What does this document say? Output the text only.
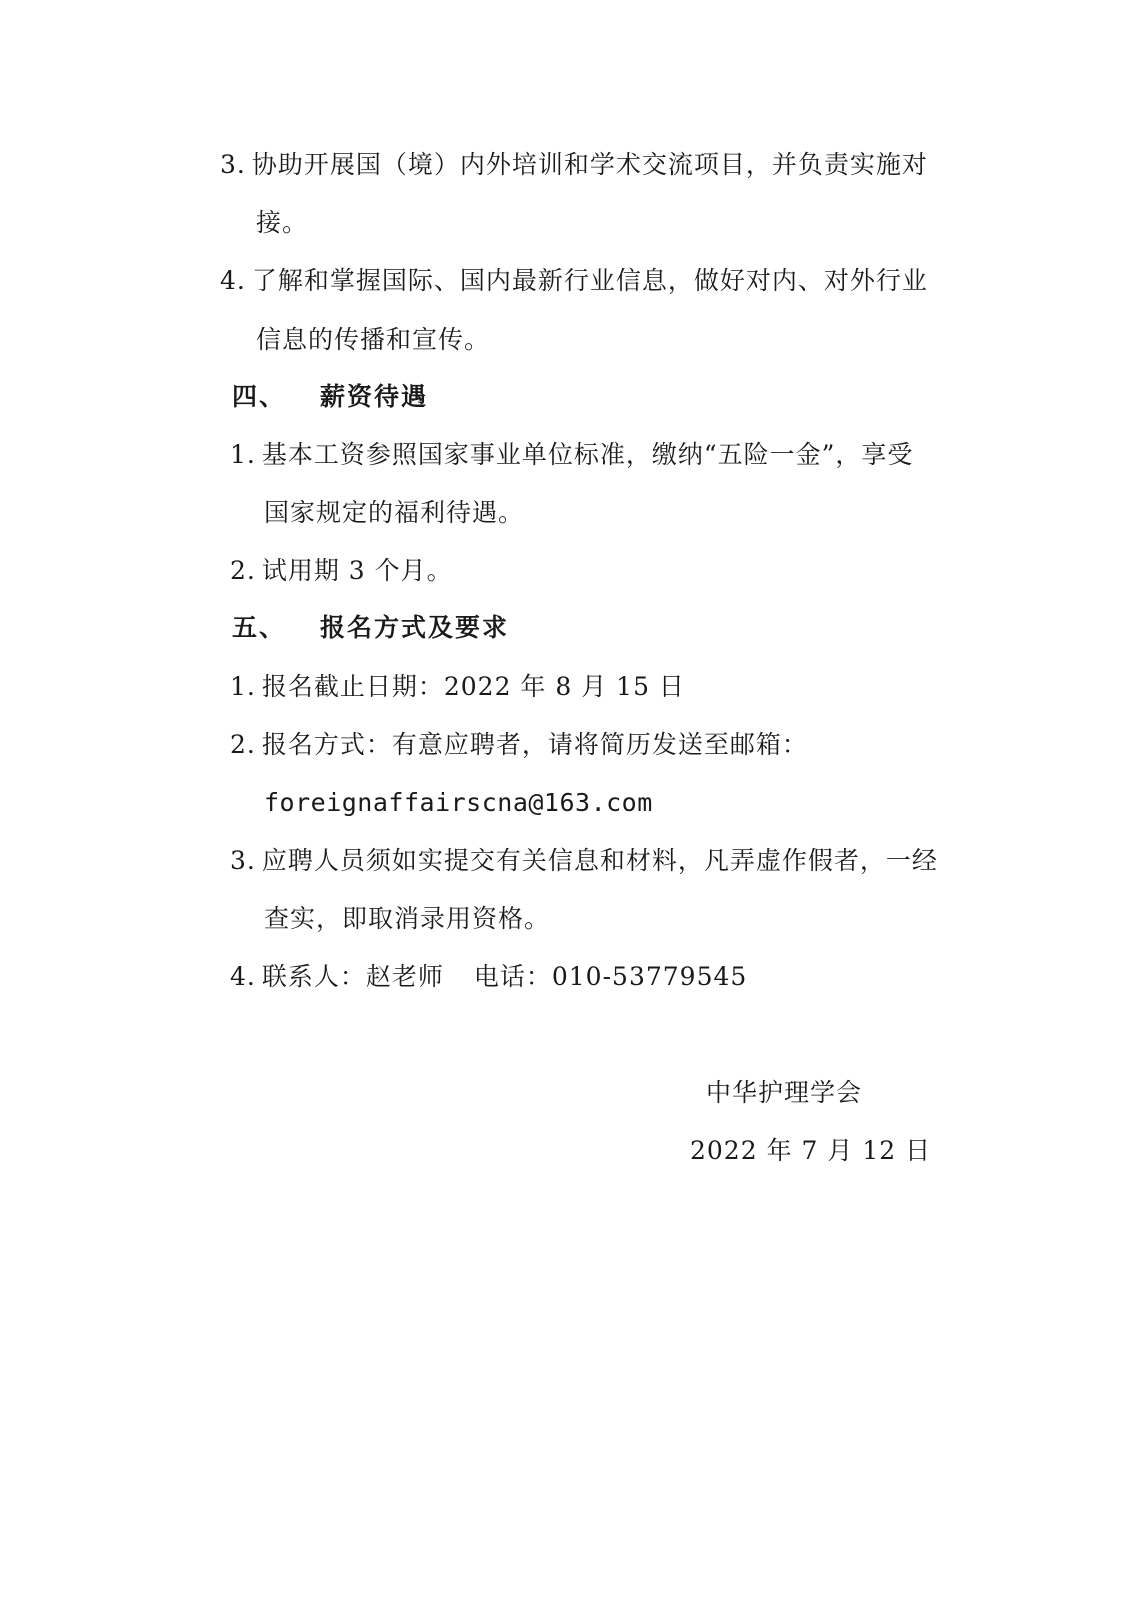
3. 协助开展国（境）内外培训和学术交流项目，并负责实施对
接。
4. 了解和掌握国际、国内最新行业信息，做好对内、对外行业
信息的传播和宣传。
四、 薪资待遇
1. 基本工资参照国家事业单位标准，缴纳“五险一金”，享受
国家规定的福利待遇。
2. 试用期 3 个月。
五、 报名方式及要求
1. 报名截止日期：2022 年 8 月 15 日
2. 报名方式：有意应聘者，请将简历发送至邮箱：
foreignaffairscna@163.com
3. 应聘人员须如实提交有关信息和材料，凡弄虚作假者，一经
查实，即取消录用资格。
4. 联系人：赵老师 电话：010-53779545
中华护理学会
2022 年 7 月 12 日
